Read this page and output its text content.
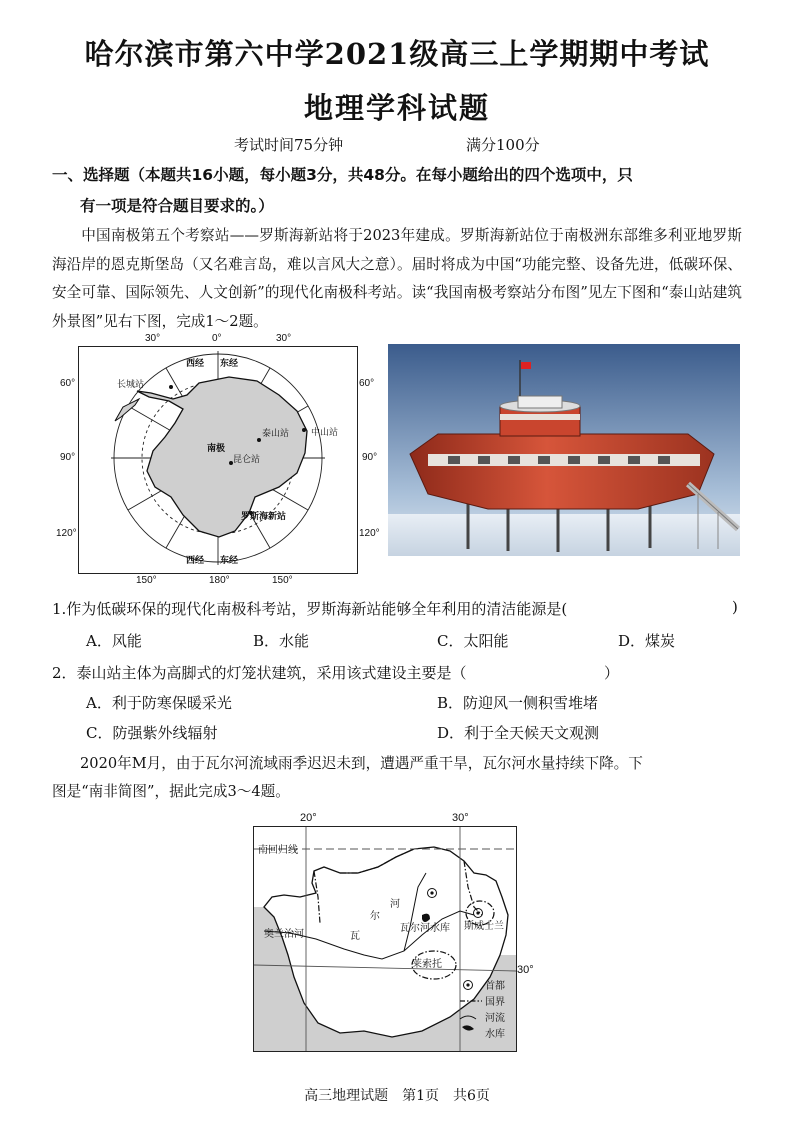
哈尔滨市第六中学2021级高三上学期期中考试
地理学科试题
考试时间75分钟	满分100分
一、选择题（本题共16小题，每小题3分，共48分。在每小题给出的四个选项中，只
有一项是符合题目要求的。）
中国南极第五个考察站——罗斯海新站将于2023年建成。罗斯海新站位于南极洲东部维多利亚地罗斯海沿岸的恩克斯堡岛（又名难言岛，难以言风大之意）。届时将成为中国“功能完整、设备先进，低碳环保、安全可靠、国际领先、人文创新”的现代化南极科考站。读“我国南极考察站分布图”见左下图和“泰山站建筑外景图”见右下图，完成1～2题。
西经 东经
西经 东经
长城站
中山站
泰山站
南极
昆仑站
罗斯海新站
30°	0°	30°
60°	60°
90°	90°
120°	120°
150°	180°	150°
1.作为低碳环保的现代化南极科考站，罗斯海新站能够全年利用的清洁能源是(	)
A．风能	B．水能	C．太阳能	D．煤炭
2．泰山站主体为高脚式的灯笼状建筑，采用该式建设主要是（	）
A．利于防寒保暖采光	B．防迎风一侧积雪堆堵
C．防强紫外线辐射	D．利于全天候天文观测
2020年M月，由于瓦尔河流域雨季迟迟未到，遭遇严重干旱，瓦尔河水量持续下降。下
图是“南非简图”，据此完成3～4题。
首都
国界
河流
水库
南回归线
奥兰治河	瓦
尔
河
瓦尔河水库 斯威士兰
莱索托
20°	30°
30°
高三地理试题　第1页　共6页
